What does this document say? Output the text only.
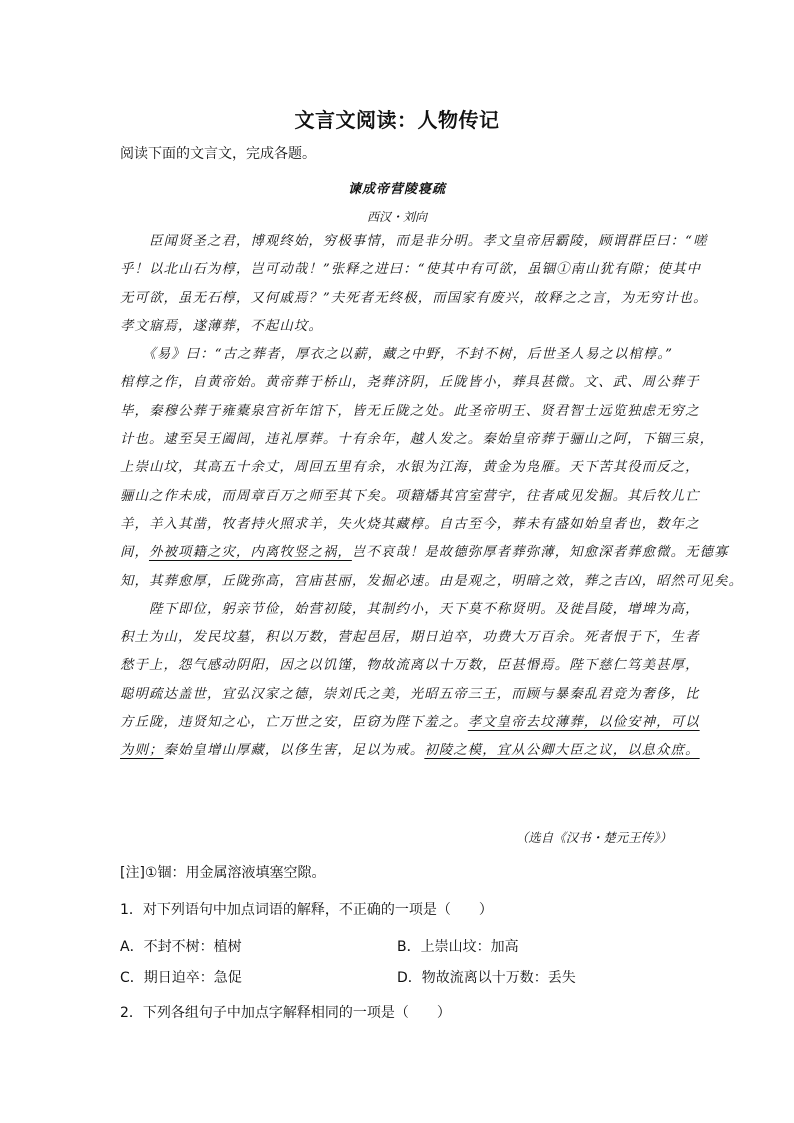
文言文阅读：人物传记
阅读下面的文言文，完成各题。
谏成帝营陵寝疏
西汉・刘向
　　臣闻贤圣之君，博观终始，穷极事情，而是非分明。孝文皇帝居霸陵，顾谓群臣曰：“嗟
乎！以北山石为椁，岂可动哉！”张释之进曰：“使其中有可欲，虽锢①南山犹有隙；使其中
无可欲，虽无石椁，又何戚焉？”夫死者无终极，而国家有废兴，故释之之言，为无穷计也。
孝文寤焉，遂薄葬，不起山坟。
　　《易》曰：“古之葬者，厚衣之以薪，藏之中野，不封不树，后世圣人易之以棺椁。”
棺椁之作，自黄帝始。黄帝葬于桥山，尧葬济阴，丘陇皆小，葬具甚微。文、武、周公葬于
毕，秦穆公葬于雍橐泉宫祈年馆下，皆无丘陇之处。此圣帝明王、贤君智士远览独虑无穷之
计也。逮至吴王阖闾，违礼厚葬。十有余年，越人发之。秦始皇帝葬于骊山之阿，下锢三泉，
上崇山坟，其高五十余丈，周回五里有余，水银为江海，黄金为凫雁。天下苦其役而反之，
骊山之作未成，而周章百万之师至其下矣。项籍燔其宫室营宇，往者咸见发掘。其后牧儿亡
羊，羊入其凿，牧者持火照求羊，失火烧其藏椁。自古至今，葬未有盛如始皇者也，数年之
间，外被项籍之灾，内离牧竖之祸，岂不哀哉！是故德弥厚者葬弥薄，知愈深者葬愈微。无德寡
知，其葬愈厚，丘陇弥高，宫庙甚丽，发掘必速。由是观之，明暗之效，葬之吉凶，昭然可见矣。
　　陛下即位，躬亲节俭，始营初陵，其制约小，天下莫不称贤明。及徙昌陵，增埤为高，
积土为山，发民坟墓，积以万数，营起邑居，期日迫卒，功费大万百余。死者恨于下，生者
愁于上，怨气感动阴阳，因之以饥馑，物故流离以十万数，臣甚惽焉。陛下慈仁笃美甚厚，
聪明疏达盖世，宜弘汉家之德，崇刘氏之美，光昭五帝三王，而顾与暴秦乱君竞为奢侈，比
方丘陇，违贤知之心，亡万世之安，臣窃为陛下羞之。孝文皇帝去坟薄葬，以俭安神，可以
为则；秦始皇增山厚藏，以侈生害，足以为戒。初陵之模，宜从公卿大臣之议，以息众庶。
（选自《汉书・楚元王传》）
[注]①锢：用金属溶液填塞空隙。
1．对下列语句中加点词语的解释，不正确的一项是（　　）
A．不封不树：植树	B．上崇山坟：加高
C．期日迫卒：急促	D．物故流离以十万数：丢失
2．下列各组句子中加点字解释相同的一项是（　　）
